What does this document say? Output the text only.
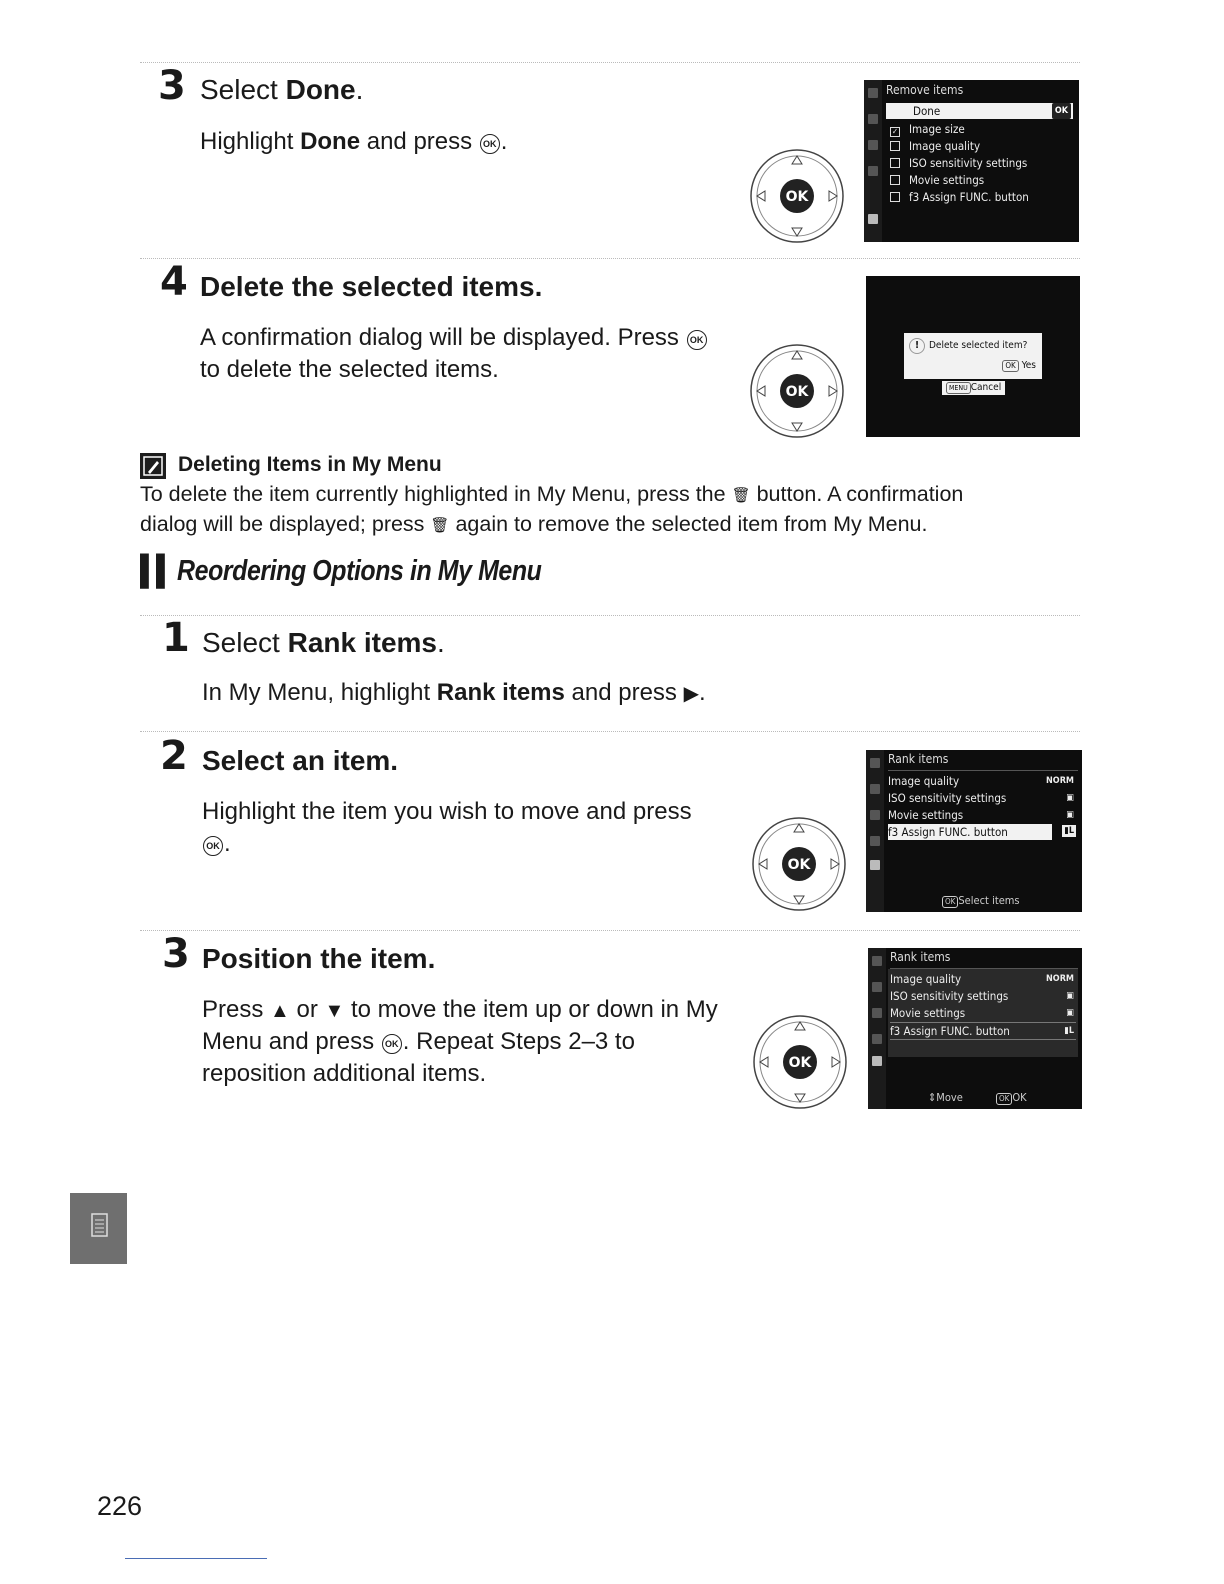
3 Select Done.
Highlight Done and press OK .
4 Delete the selected items.
A confirmation dialog will be displayed. Press OK
to delete the selected items.
Deleting Items in My Menu
To delete the item currently highlighted in My Menu, press the 🗑 button. A confirmation
dialog will be displayed; press 🗑 again to remove the selected item from My Menu.
▌▌ Reordering Options in My Menu
1 Select Rank items.
In My Menu, highlight Rank items and press ▶.
2 Select an item.
Highlight the item you wish to move and press
OK .
3 Position the item.
Press ▲ or ▼ to move the item up or down in My
Menu and press OK . Repeat Steps 2–3 to
reposition additional items.
OK
OK
OK
OK
Remove items
Done	OK
✓ Image size
Image quality
ISO sensitivity settings
Movie settings
f3 Assign FUNC. button
! Delete selected item?
OK Yes
MENU Cancel
Rank items
Image quality	NORM
ISO sensitivity settings	▣
Movie settings	▣
f3 Assign FUNC. button	▮L
OK Select items
Rank items
Image quality	NORM
ISO sensitivity settings	▣
Movie settings	▣
f3 Assign FUNC. button	▮L
⇕Move	OK OK
226
